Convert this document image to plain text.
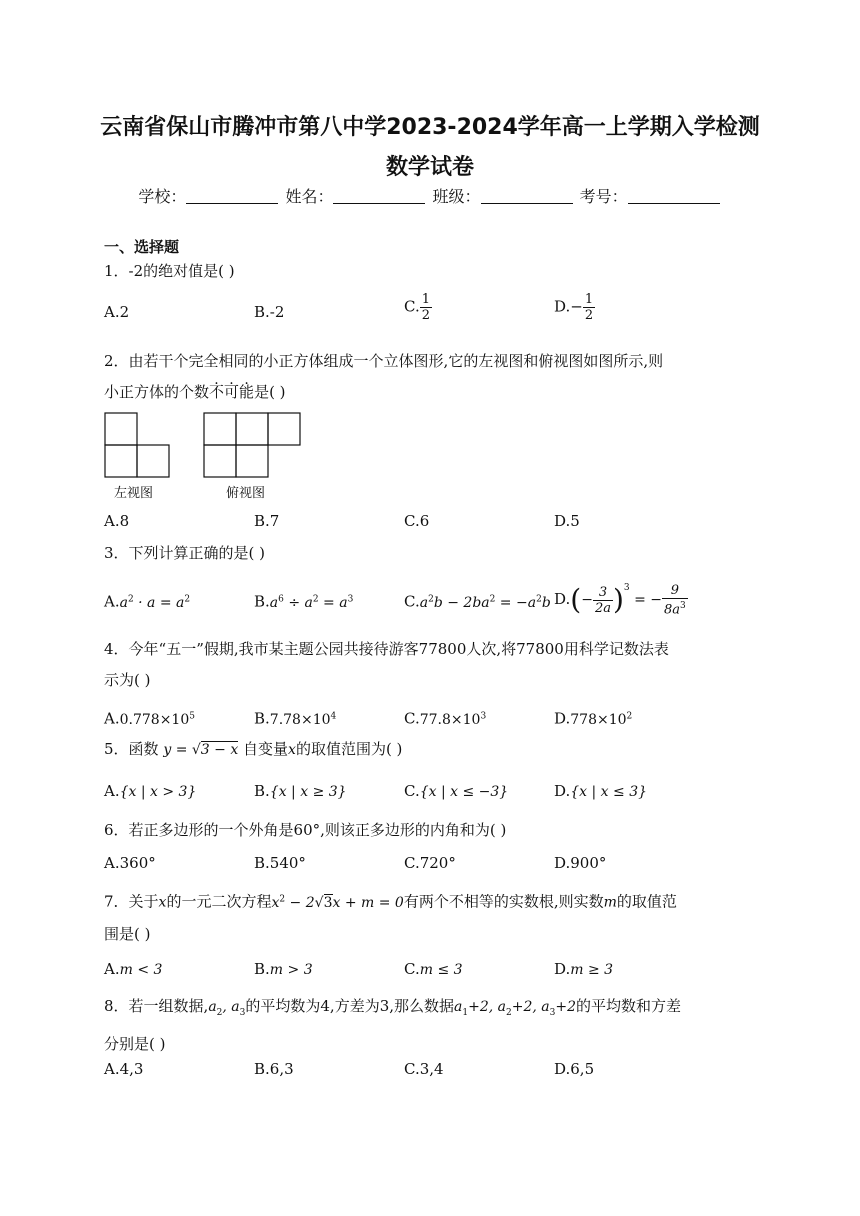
云南省保山市腾冲市第八中学2023-2024学年高一上学期入学检测数学试卷
学校：	姓名：	班级：	考号：
一、选择题
1．-2的绝对值是( )
A.2	B.-2	C. $\frac{1}{2}$	$D.- \frac{1}{2}$
2．由若干个完全相同的小正方体组成一个立体图形,它的左视图和俯视图如图所示,则
小正方体的个数不可能是( )
左视图	俯视图
A.8	B.7	C.6	D.5
3．下列计算正确的是( )
$A.a^2 \cdot a = a^2$	$B.a^6 \div a^2 = a^3$	$C.a^2b - 2ba^2 = -a^2b$ $D.(- \frac{3}{2a} )^3$ = − $\frac{9}{8a^3}$
4．今年“五一”假期,我市某主题公园共接待游客77800人次,将77800用科学记数法表
示为( )
$A.0.778\times 10^5$	$B.7.78\times 10^4$	$C.77.8\times 10^3$	$D.778\times 10^2$
5．函数 y = √3 − x 自变量x的取值范围为( )
A.{x | x > 3}	B.{x | x ≥ 3}	C.{x | x ≤ −3}	D.{x | x ≤ 3}
6．若正多边形的一个外角是60°,则该正多边形的内角和为( )
A.360°	B.540°	C.720°	D.900°
7．关于x的一元二次方程$x^2 - 2√3x + m = 0$有两个不相等的实数根,则实数m的取值范
围是( )
A.m < 3	B.m > 3	C.m ≤ 3	D.m ≥ 3
8．若一组数据$,a_2$, $a_3$的平均数为4,方差为3,那么数据$a_1+2$, $a_2+2$, $a_3+2$的平均数和方差
分别是( )
A.4,3	B.6,3	C.3,4	D.6,5
